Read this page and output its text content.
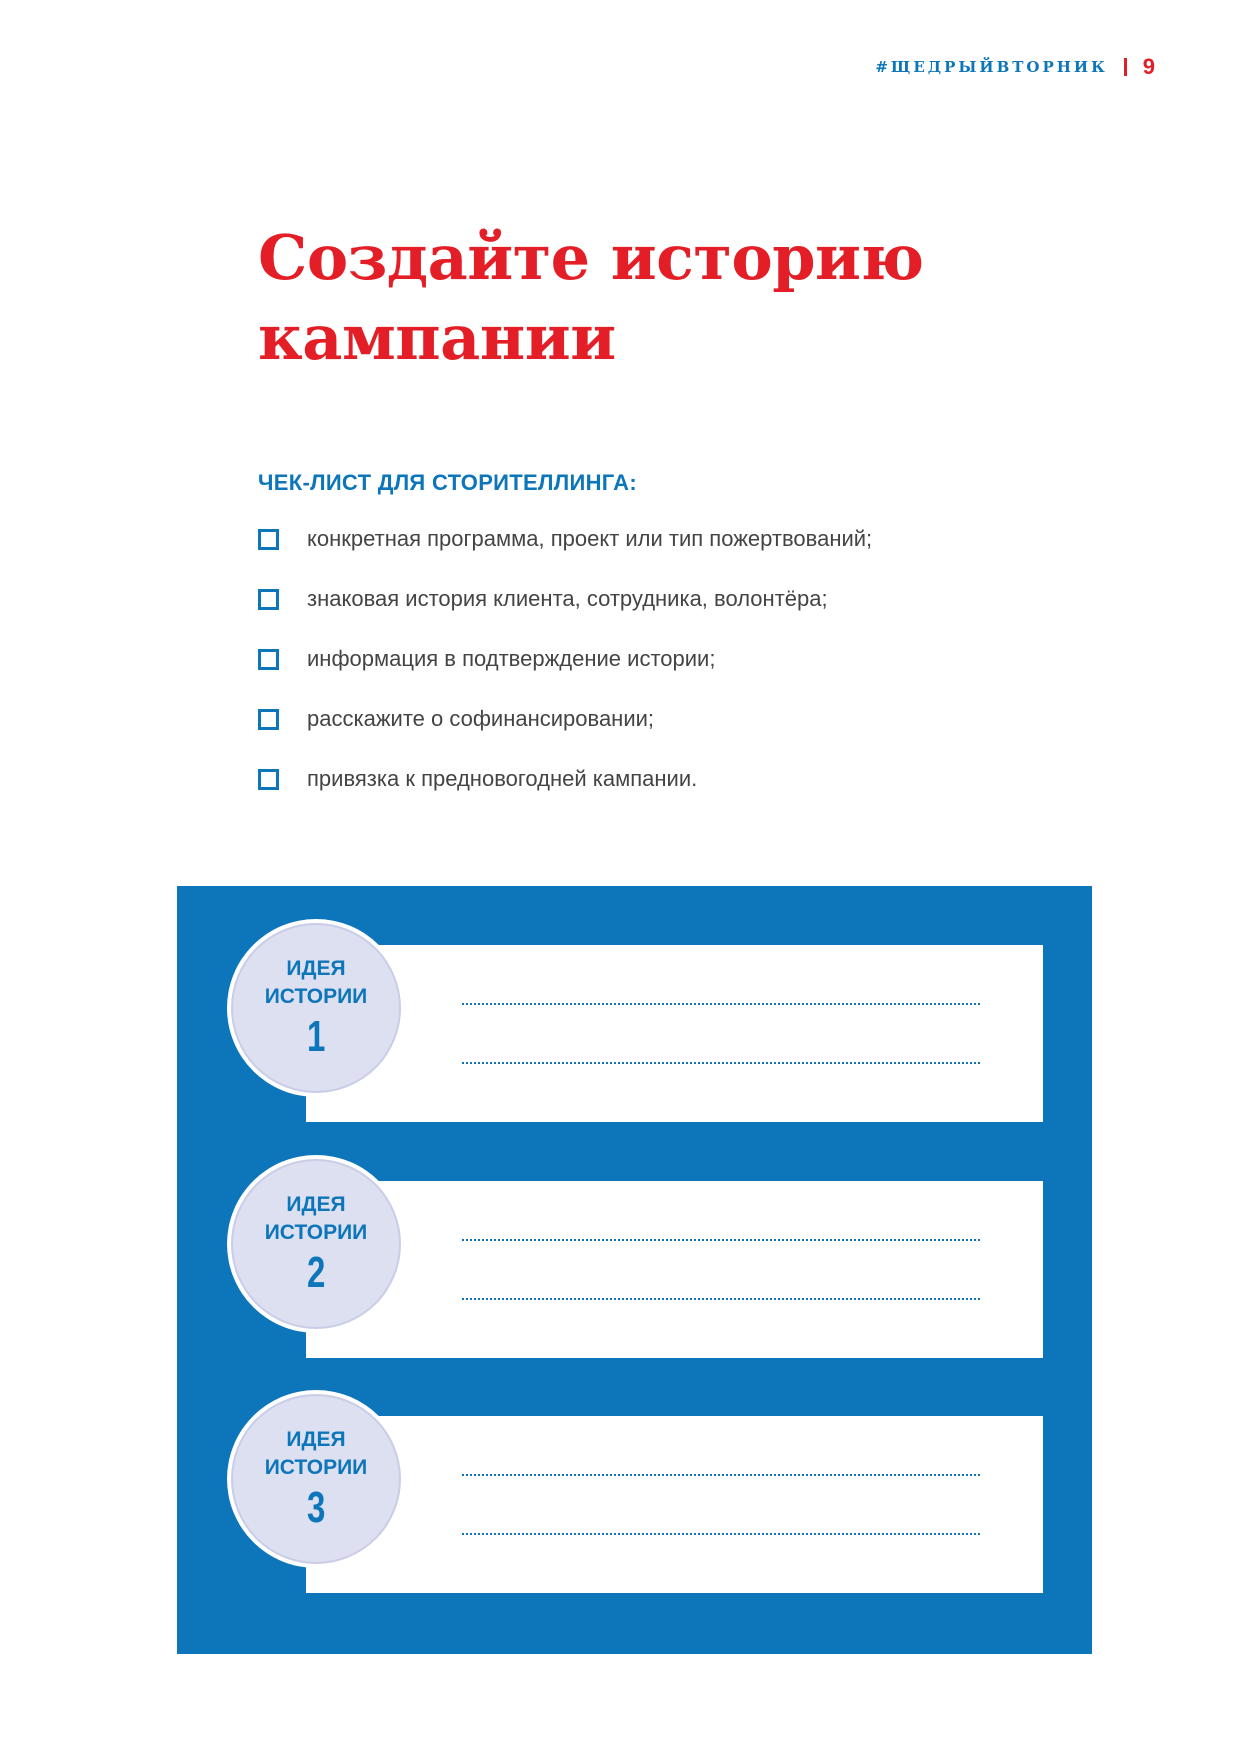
#ЩЕДРЫЙВТОРНИК 9
Создайте историю кампании
ЧЕК-ЛИСТ ДЛЯ СТОРИТЕЛЛИНГА:
конкретная программа, проект или тип пожертвований;
знаковая история клиента, сотрудника, волонтёра;
информация в подтверждение истории;
расскажите о софинансировании;
привязка к предновогодней кампании.
ИДЕЯ
ИСТОРИИ
1
ИДЕЯ
ИСТОРИИ
2
ИДЕЯ
ИСТОРИИ
3
